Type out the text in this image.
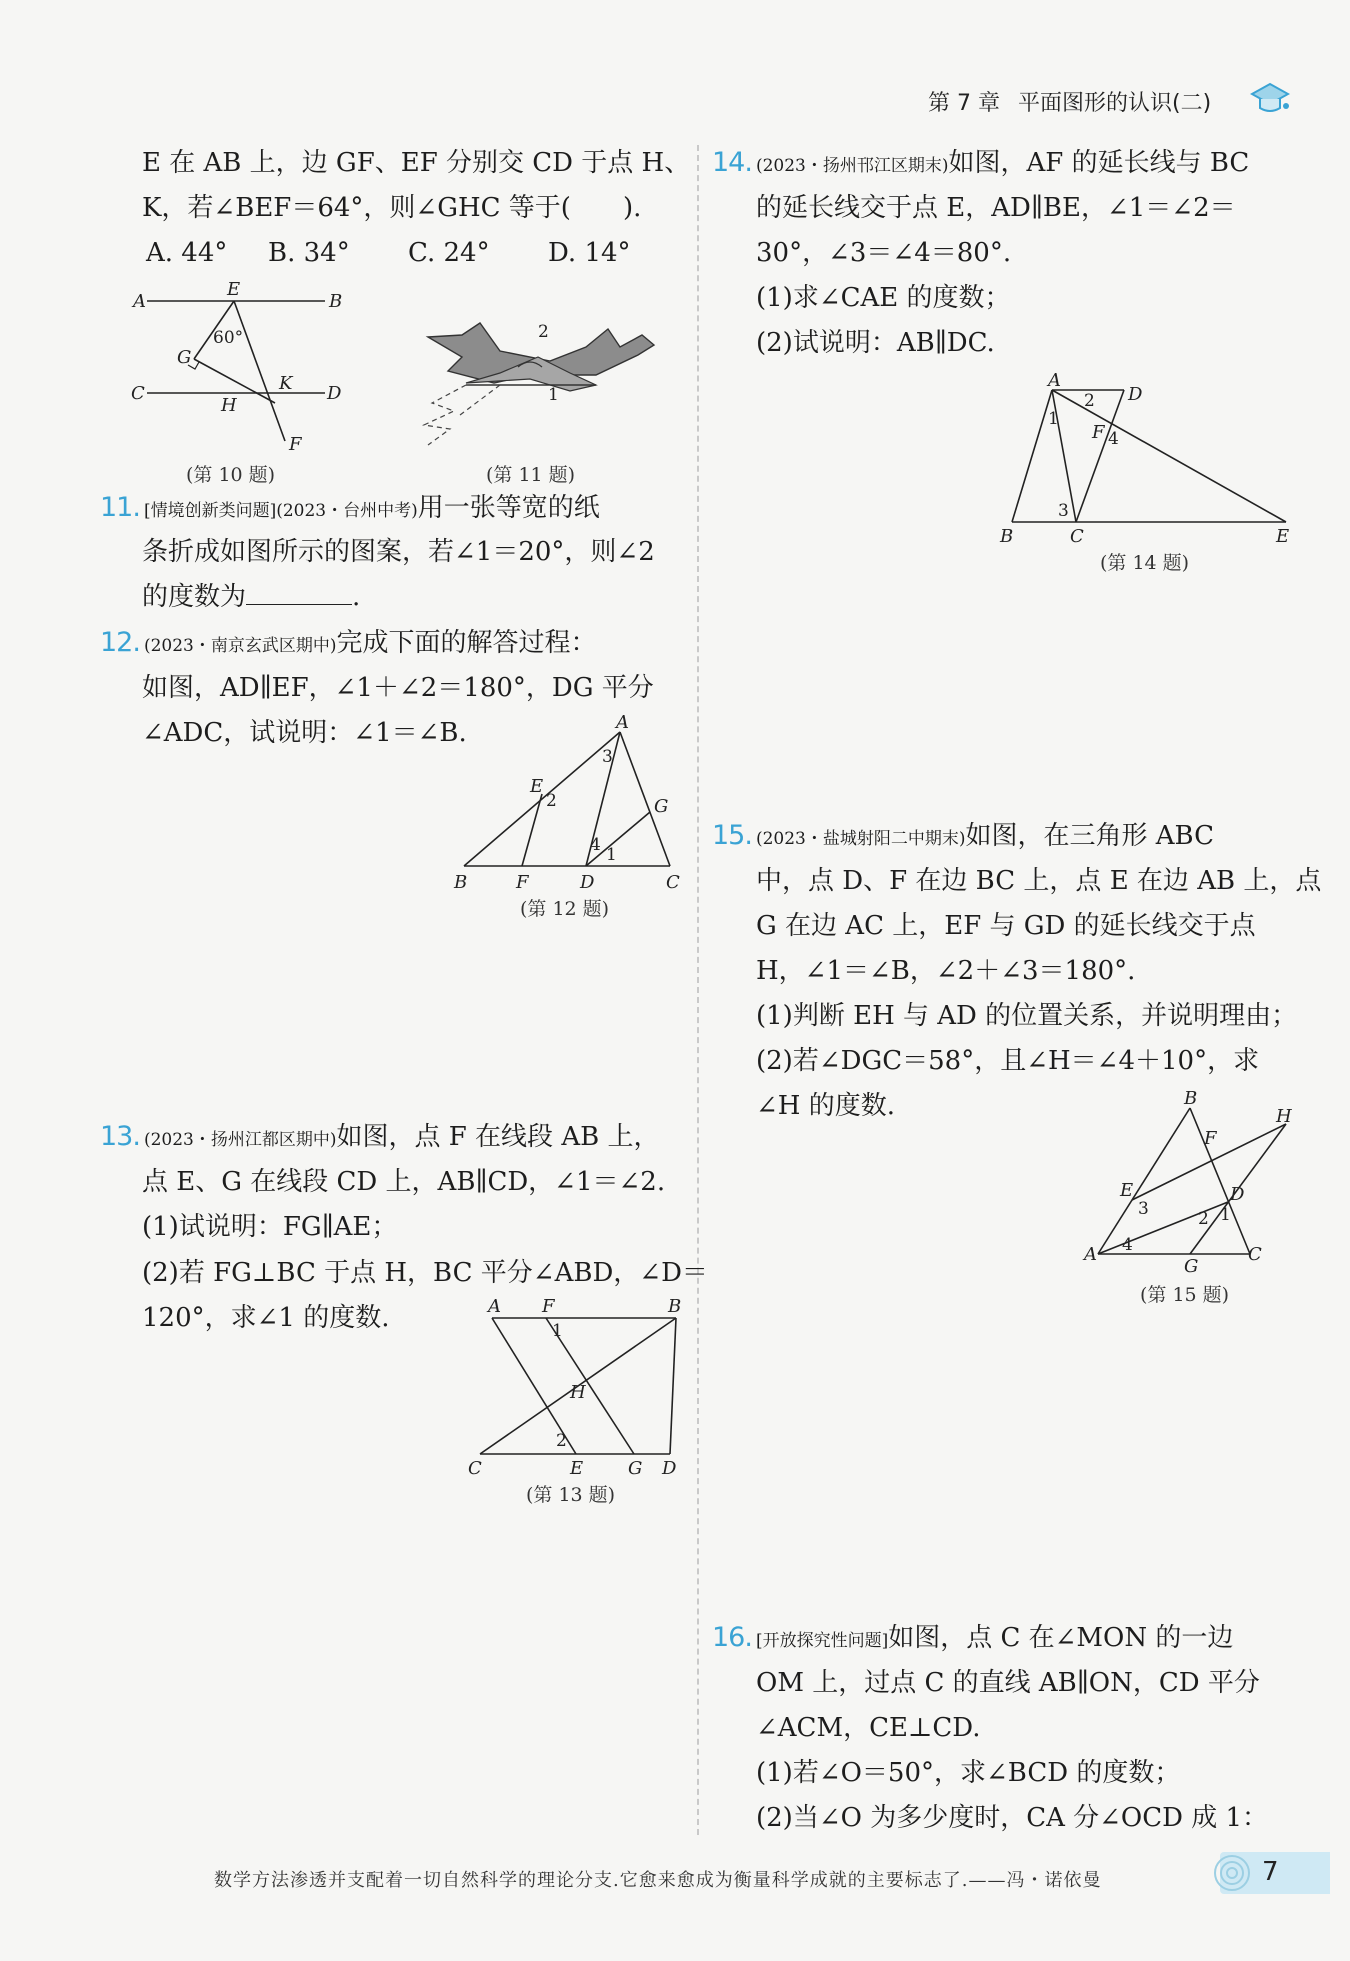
第 7 章 平面图形的认识(二)
E 在 AB 上，边 GF、EF 分别交 CD 于点 H、
K，若∠BEF＝64°，则∠GHC 等于(　　).
A. 44° B. 34° C. 24° D. 14°
A
E
B
60°
G
K
C
H
D
F
(第 10 题)
2
1
(第 11 题)
11. [情境创新类问题](2023・台州中考)用一张等宽的纸
条折成如图所示的图案，若∠1＝20°，则∠2
的度数为	.
12. (2023・南京玄武区期中)完成下面的解答过程：
如图，AD∥EF，∠1＋∠2＝180°，DG 平分
∠ADC，试说明：∠1＝∠B.	A
3
E
2	G
4 1
B	F	D	C
(第 12 题)
13. (2023・扬州江都区期中)如图，点 F 在线段 AB 上，
点 E、G 在线段 CD 上，AB∥CD，∠1＝∠2.
(1)试说明：FG∥AE；
(2)若 FG⊥BC 于点 H，BC 平分∠ABD，∠D＝
120°，求∠1 的度数.	A F	B
1
H
2
C	E G D
(第 13 题)
14. (2023・扬州邗江区期末)如图，AF 的延长线与 BC
的延长线交于点 E，AD∥BE，∠1＝∠2＝
30°，∠3＝∠4＝80°.
(1)求∠CAE 的度数；
(2)试说明：AB∥DC.
A
2 D
1
F 4
3
B	C	E
(第 14 题)
15. (2023・盐城射阳二中期末)如图，在三角形 ABC
中，点 D、F 在边 BC 上，点 E 在边 AB 上，点
G 在边 AC 上，EF 与 GD 的延长线交于点
H，∠1＝∠B，∠2＋∠3＝180°.
(1)判断 EH 与 AD 的位置关系，并说明理由；
(2)若∠DGC＝58°，且∠H＝∠4＋10°，求
∠H 的度数.	B
H
F
E
3
D
2 1
A 4
G
C
(第 15 题)
16. [开放探究性问题]如图，点 C 在∠MON 的一边
OM 上，过点 C 的直线 AB∥ON，CD 平分
∠ACM，CE⊥CD.
(1)若∠O＝50°，求∠BCD 的度数；
(2)当∠O 为多少度时，CA 分∠OCD 成 1：
数学方法渗透并支配着一切自然科学的理论分支.它愈来愈成为衡量科学成就的主要标志了.——冯・诺依曼	7
